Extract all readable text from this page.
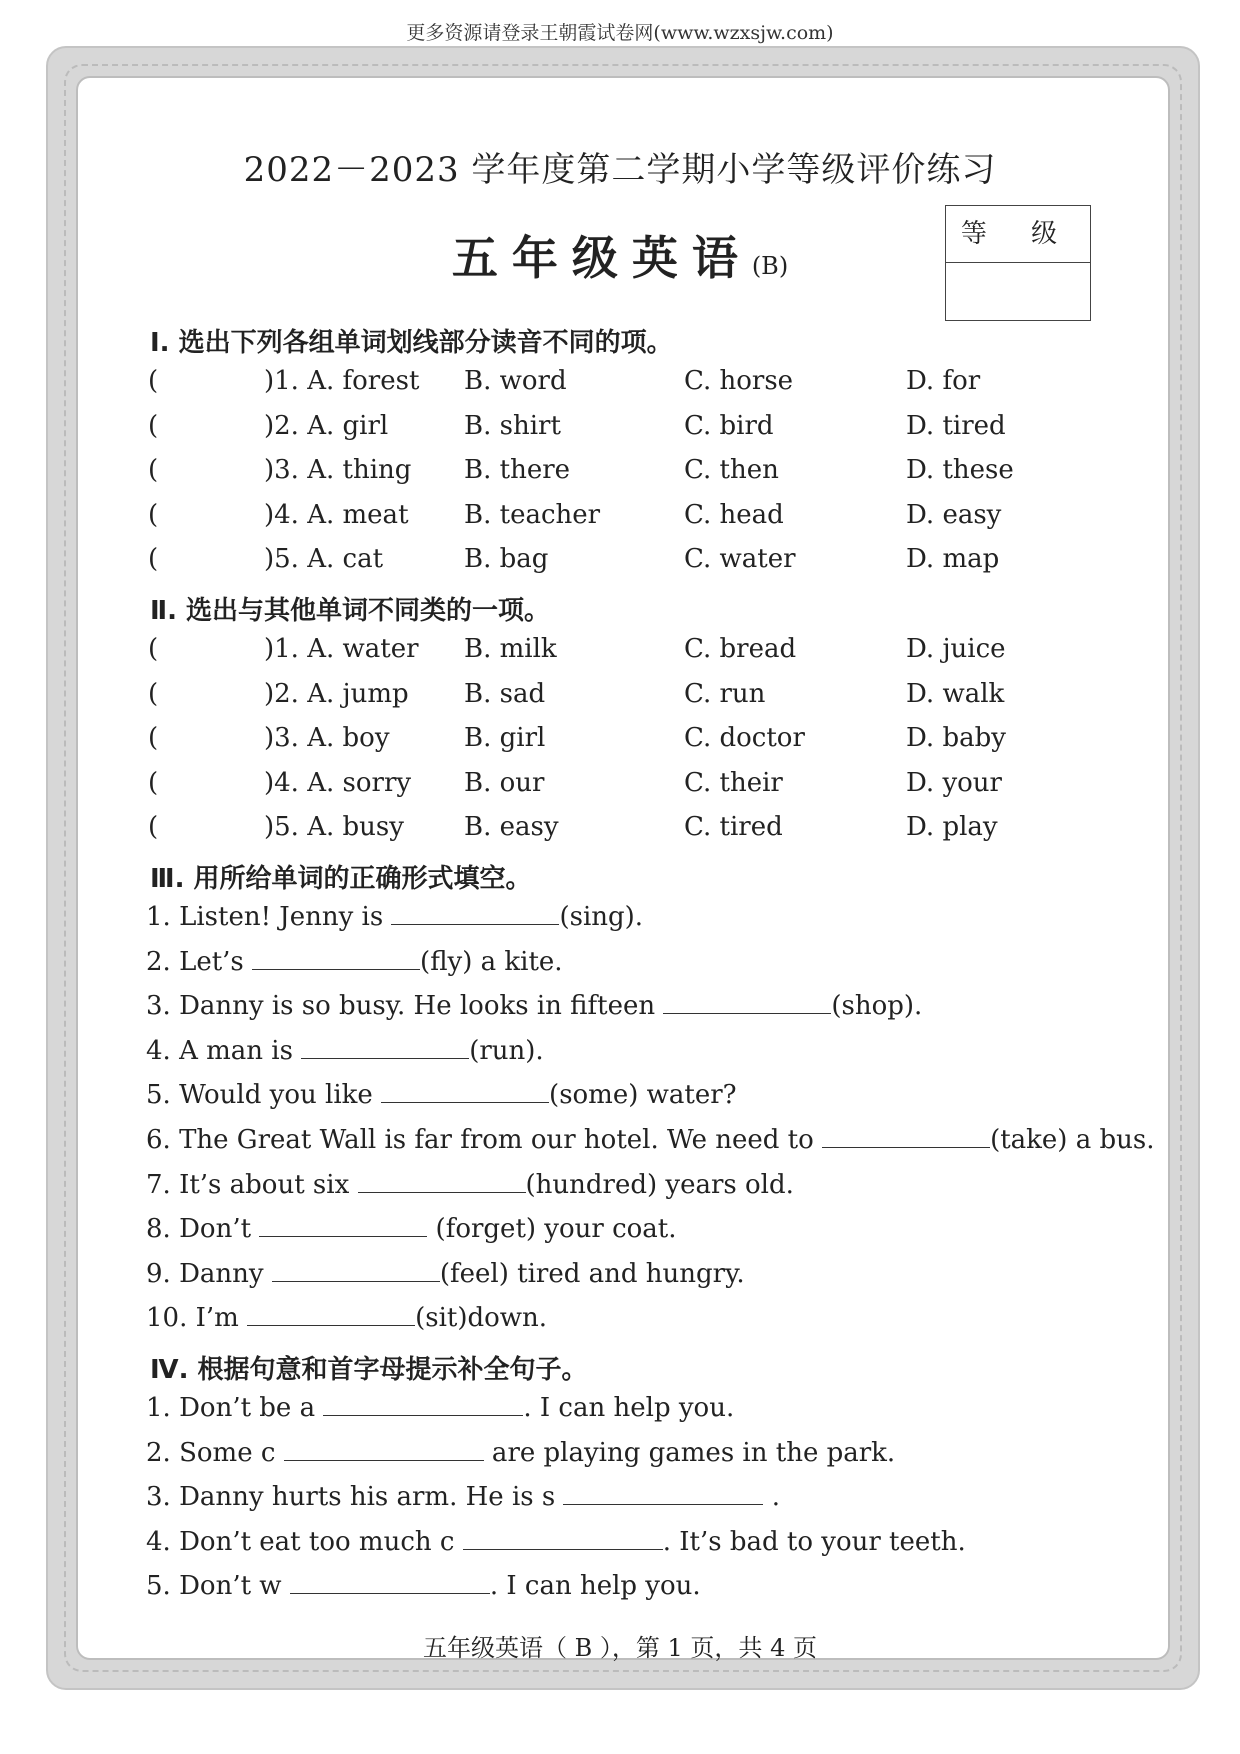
更多资源请登录王朝霞试卷网(www.wzxsjw.com)
2022－2023 学年度第二学期小学等级评价练习
五年级英语(B)
等 级
Ⅰ. 选出下列各组单词划线部分读音不同的项。
(	)1. A. forest B. word	C. horse	D. for
(	)2. A. girl	B. shirt	C. bird	D. tired
(	)3. A. thing B. there	C. then	D. these
(	)4. A. meat B. teacher	C. head	D. easy
(	)5. A. cat	B. bag	C. water	D. map
Ⅱ. 选出与其他单词不同类的一项。
(	)1. A. water B. milk	C. bread	D. juice
(	)2. A. jump B. sad	C. run	D. walk
(	)3. A. boy	B. girl	C. doctor	D. baby
(	)4. A. sorry B. our	C. their	D. your
(	)5. A. busy B. easy	C. tired	D. play
Ⅲ. 用所给单词的正确形式填空。
1. Listen! Jenny is	(sing).
2. Let’s	(fly) a kite.
3. Danny is so busy. He looks in fifteen	(shop).
4. A man is	(run).
5. Would you like	(some) water?
6. The Great Wall is far from our hotel. We need to	(take) a bus.
7. It’s about six	(hundred) years old.
8. Don’t	(forget) your coat.
9. Danny	(feel) tired and hungry.
10. I’m	(sit)down.
Ⅳ. 根据句意和首字母提示补全句子。
1. Don’t be a	. I can help you.
2. Some c	are playing games in the park.
3. Danny hurts his arm. He is s	.
4. Don’t eat too much c	. It’s bad to your teeth.
5. Don’t w	. I can help you.
五年级英语（ B ），第 1 页，共 4 页
